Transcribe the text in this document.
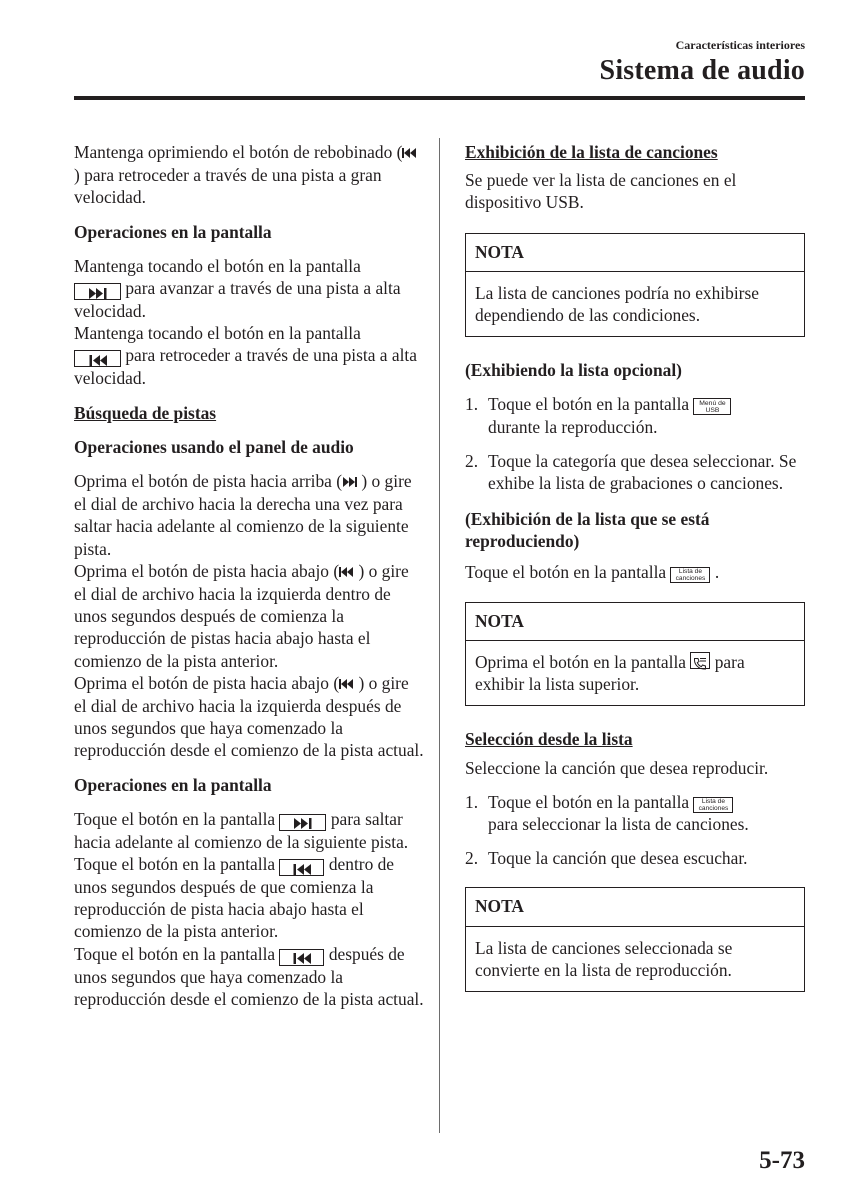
Características interiores
Sistema de audio

Mantenga oprimiendo el botón de rebobinado ( ) para retroceder a través de una pista a gran velocidad.

Operaciones en la pantalla

Mantenga tocando el botón en la pantalla
para avanzar a través de una pista a alta velocidad.

Mantenga tocando el botón en la pantalla
para retroceder a través de una pista a alta velocidad.

Búsqueda de pistas
Operaciones usando el panel de audio

Oprima el botón de pista hacia arriba ( ) o gire el dial de archivo hacia la derecha una vez para saltar hacia adelante al comienzo de la siguiente pista.

Oprima el botón de pista hacia abajo ( ) o gire el dial de archivo hacia la izquierda dentro de unos segundos después de comienza la reproducción de pistas hacia abajo hasta el comienzo de la pista anterior.

Oprima el botón de pista hacia abajo ( ) o gire el dial de archivo hacia la izquierda después de unos segundos que haya comenzado la reproducción desde el comienzo de la pista actual.

Operaciones en la pantalla

Toque el botón en la pantalla	para saltar hacia adelante al comienzo de la siguiente pista.

Toque el botón en la pantalla	dentro de unos segundos después de que comienza la reproducción de pista hacia abajo hasta el comienzo de la pista anterior.

Toque el botón en la pantalla	después de unos segundos que haya comenzado la reproducción desde el comienzo de la pista actual.

Exhibición de la lista de canciones

Se puede ver la lista de canciones en el dispositivo USB.

NOTA
La lista de canciones podría no exhibirse dependiendo de las condiciones.
(Exhibiendo la lista opcional)
1. Toque el botón en la pantalla Menú de
USB
durante la reproducción.
2. Toque la categoría que desea seleccionar. Se exhibe la lista de grabaciones o canciones.
(Exhibición de la lista que se está reproduciendo)

Toque el botón en la pantalla Lista de
canciones .

NOTA
Oprima el botón en la pantalla  para exhibir la lista superior.
Selección desde la lista

Seleccione la canción que desea reproducir.

1. Toque el botón en la pantalla Lista de
canciones
para seleccionar la lista de canciones.
2. Toque la canción que desea escuchar.
NOTA
La lista de canciones seleccionada se convierte en la lista de reproducción.
5-73
